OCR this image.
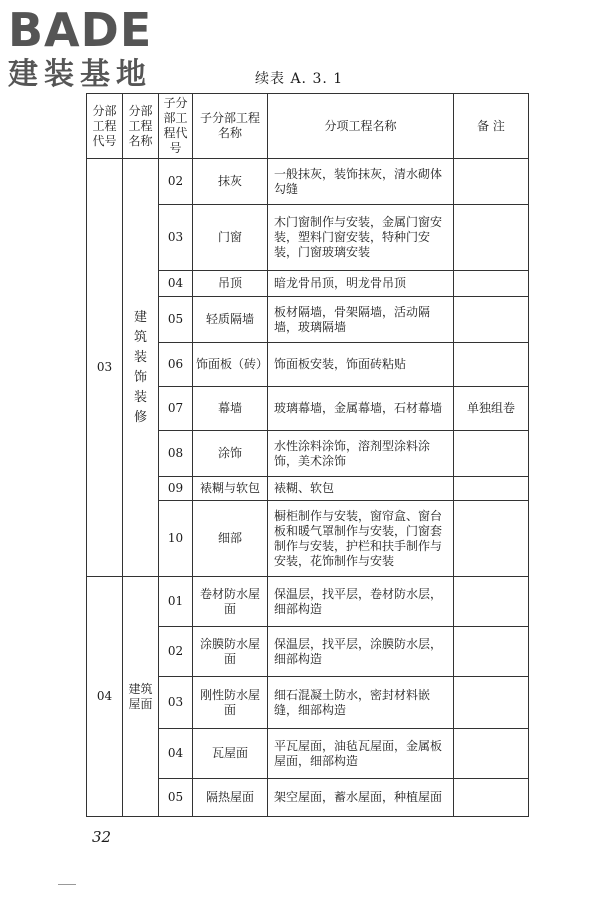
BADE
建装基地	续表 A. 3. 1
分部工程代号	分部工程名称	子分部工程代号	子分部工程名称	分项工程名称	备 注
03	建筑装饰装修	02	抹灰	一般抹灰，装饰抹灰，清水砌体勾缝	
		03	门窗	木门窗制作与安装，金属门窗安装，塑料门窗安装，特种门安装，门窗玻璃安装	
		04	吊顶	暗龙骨吊顶，明龙骨吊顶	
		05	轻质隔墙	板材隔墙，骨架隔墙，活动隔墙，玻璃隔墙	
		06	饰面板（砖）	饰面板安装，饰面砖粘贴	
		07	幕墙	玻璃幕墙，金属幕墙，石材幕墙	单独组卷
		08	涂饰	水性涂料涂饰，溶剂型涂料涂饰，美术涂饰	
		09	裱糊与软包	裱糊、软包	
		10	细部	橱柜制作与安装，窗帘盒、窗台板和暖气罩制作与安装，门窗套制作与安装，护栏和扶手制作与安装，花饰制作与安装	
04	建筑屋面	01	卷材防水屋面	保温层，找平层，卷材防水层，细部构造	
		02	涂膜防水屋面	保温层，找平层，涂膜防水层，细部构造	
		03	刚性防水屋面	细石混凝土防水，密封材料嵌缝，细部构造	
		04	瓦屋面	平瓦屋面，油毡瓦屋面，金属板屋面，细部构造	
		05	隔热屋面	架空屋面，蓄水屋面，种植屋面	
32
